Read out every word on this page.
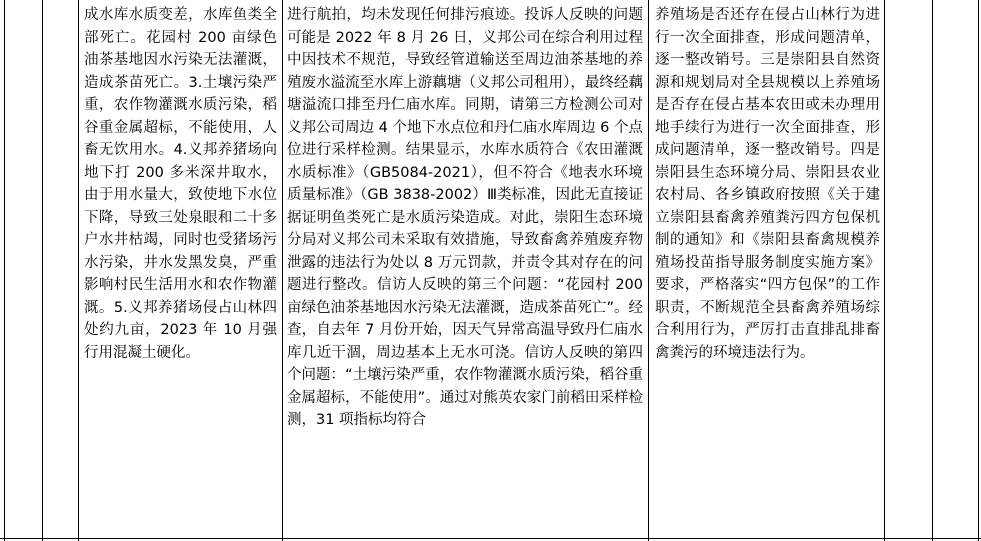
成水库水质变差，水库鱼类全部死亡。花园村 200 亩绿色油茶基地因水污染无法灌溉，造成茶苗死亡。3.土壤污染严重，农作物灌溉水质污染，稻谷重金属超标，不能使用，人畜无饮用水。4.义邦养猪场向地下打 200 多米深井取水，由于用水量大，致使地下水位下降，导致三处泉眼和二十多户水井枯竭，同时也受猪场污水污染，井水发黑发臭，严重影响村民生活用水和农作物灌溉。5.义邦养猪场侵占山林四处约九亩，2023 年 10 月强行用混凝土硬化。
进行航拍，均未发现任何排污痕迹。投诉人反映的问题可能是 2022 年 8 月 26 日，义邦公司在综合利用过程中因技术不规范，导致经管道输送至周边油茶基地的养殖废水溢流至水库上游藕塘（义邦公司租用），最终经藕塘溢流口排至丹仁庙水库。同期，请第三方检测公司对义邦公司周边 4 个地下水点位和丹仁庙水库周边 6 个点位进行采样检测。结果显示，水库水质符合《农田灌溉水质标准》（GB5084-2021），但不符合《地表水环境质量标准》（GB 3838-2002）Ⅲ类标准，因此无直接证据证明鱼类死亡是水质污染造成。对此，崇阳生态环境分局对义邦公司未采取有效措施，导致畜禽养殖废弃物泄露的违法行为处以 8 万元罚款，并责令其对存在的问题进行整改。信访人反映的第三个问题：“花园村 200 亩绿色油茶基地因水污染无法灌溉，造成茶苗死亡”。经查，自去年 7 月份开始，因天气异常高温导致丹仁庙水库几近干涸，周边基本上无水可浇。信访人反映的第四个问题：“土壤污染严重，农作物灌溉水质污染，稻谷重金属超标，不能使用”。通过对熊英农家门前稻田采样检测，31 项指标均符合
养殖场是否还存在侵占山林行为进行一次全面排查，形成问题清单，逐一整改销号。三是崇阳县自然资源和规划局对全县规模以上养殖场是否存在侵占基本农田或未办理用地手续行为进行一次全面排查，形成问题清单，逐一整改销号。四是崇阳县生态环境分局、崇阳县农业农村局、各乡镇政府按照《关于建立崇阳县畜禽养殖粪污四方包保机制的通知》和《崇阳县畜禽规模养殖场投苗指导服务制度实施方案》要求，严格落实“四方包保”的工作职责，不断规范全县畜禽养殖场综合利用行为，严厉打击直排乱排畜禽粪污的环境违法行为。
